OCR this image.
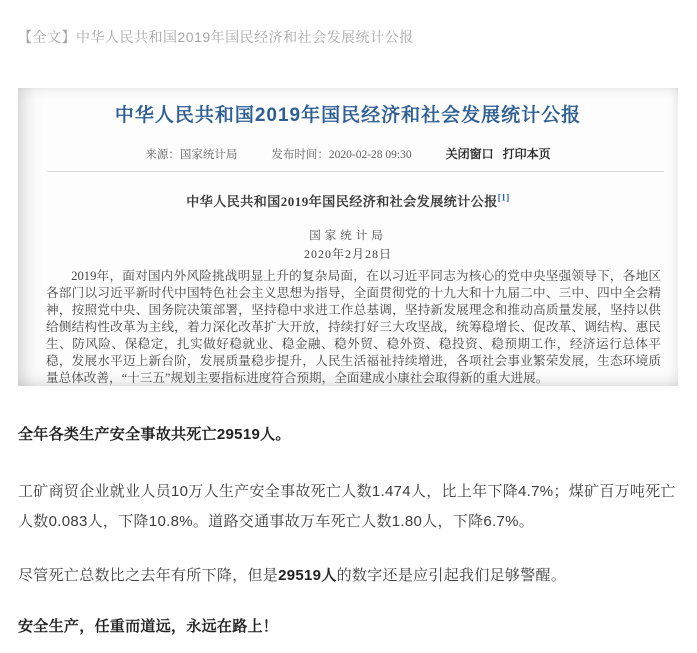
【全文】中华人民共和国2019年国民经济和社会发展统计公报
中华人民共和国2019年国民经济和社会发展统计公报
来源：国家统计局	发布时间：2020-02-28 09:30	关闭窗口 打印本页
中华人民共和国2019年国民经济和社会发展统计公报[1]
国家统计局
2020年2月28日

2019年，面对国内外风险挑战明显上升的复杂局面，在以习近平同志为核心的党中央坚强领导下，各地区各部门以习近平新时代中国特色社会主义思想为指导，全面贯彻党的十九大和十九届二中、三中、四中全会精神，按照党中央、国务院决策部署，坚持稳中求进工作总基调，坚持新发展理念和推动高质量发展，坚持以供给侧结构性改革为主线，着力深化改革扩大开放，持续打好三大攻坚战，统筹稳增长、促改革、调结构、惠民生、防风险、保稳定，扎实做好稳就业、稳金融、稳外贸、稳外资、稳投资、稳预期工作，经济运行总体平稳，发展水平迈上新台阶，发展质量稳步提升，人民生活福祉持续增进，各项社会事业繁荣发展，生态环境质量总体改善，“十三五”规划主要指标进度符合预期，全面建成小康社会取得新的重大进展。

全年各类生产安全事故共死亡29519人。

工矿商贸企业就业人员10万人生产安全事故死亡人数1.474人，比上年下降4.7%；煤矿百万吨死亡人数0.083人，下降10.8%。道路交通事故万车死亡人数1.80人，下降6.7%。

尽管死亡总数比之去年有所下降，但是29519人的数字还是应引起我们足够警醒。

安全生产，任重而道远，永远在路上！
